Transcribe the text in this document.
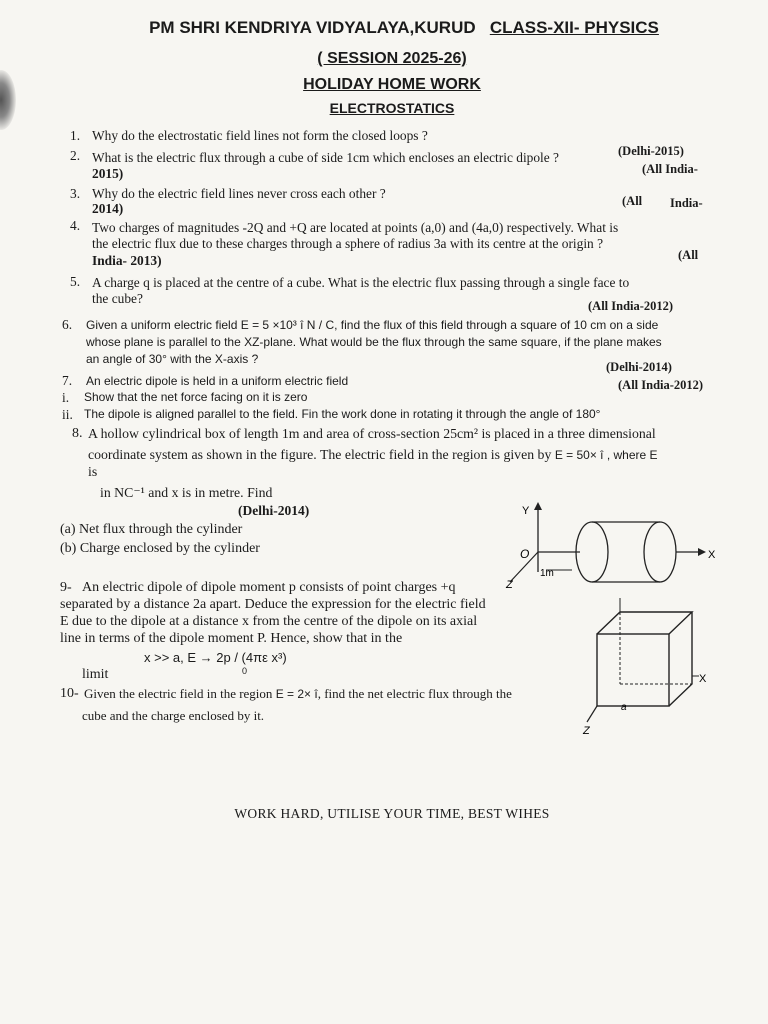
PM SHRI KENDRIYA VIDYALAYA,KURUD CLASS-XII- PHYSICS
( SESSION 2025-26)
HOLIDAY HOME WORK
ELECTROSTATICS
1. Why do the electrostatic field lines not form the closed loops ?
(Delhi-2015)
2. What is the electric flux through a cube of side 1cm which encloses an electric dipole ?
(All India-
2015)
3. Why do the electric field lines never cross each other ?	(All India-
2014)
4. Two charges of magnitudes -2Q and +Q are located at points (a,0) and (4a,0) respectively. What is
the electric flux due to these charges through a sphere of radius 3a with its centre at the origin ?
(All
India- 2013)
5. A charge q is placed at the centre of a cube. What is the electric flux passing through a single face to
the cube?	(All India-2012)
6. Given a uniform electric field E = 5 ×10³ î N / C, find the flux of this field through a square of 10 cm on a side
whose plane is parallel to the XZ-plane. What would be the flux through the same square, if the plane makes
an angle of 30° with the X-axis ?
(Delhi-2014)
7. An electric dipole is held in a uniform electric field	(All India-2012)
i. Show that the net force facing on it is zero
ii. The dipole is aligned parallel to the field. Fin the work done in rotating it through the angle of 180°
8. A hollow cylindrical box of length 1m and area of cross-section 25cm² is placed in a three dimensional
coordinate system as shown in the figure. The electric field in the region is given by E = 50× î , where E
is
in NC⁻¹ and x is in metre. Find
(Delhi-2014)
(a) Net flux through the cylinder
(b) Charge enclosed by the cylinder
Y
O	X
Z
1m
9- An electric dipole of dipole moment p consists of point charges +q
separated by a distance 2a apart. Deduce the expression for the electric field
E due to the dipole at a distance x from the centre of the dipole on its axial
line in terms of the dipole moment P. Hence, show that in the
x >> a, E → 2p / (4πε x³)
0
limit	X
Z
a
10- Given the electric field in the region E = 2× î, find the net electric flux through the
cube and the charge enclosed by it.
WORK HARD, UTILISE YOUR TIME, BEST WIHES
